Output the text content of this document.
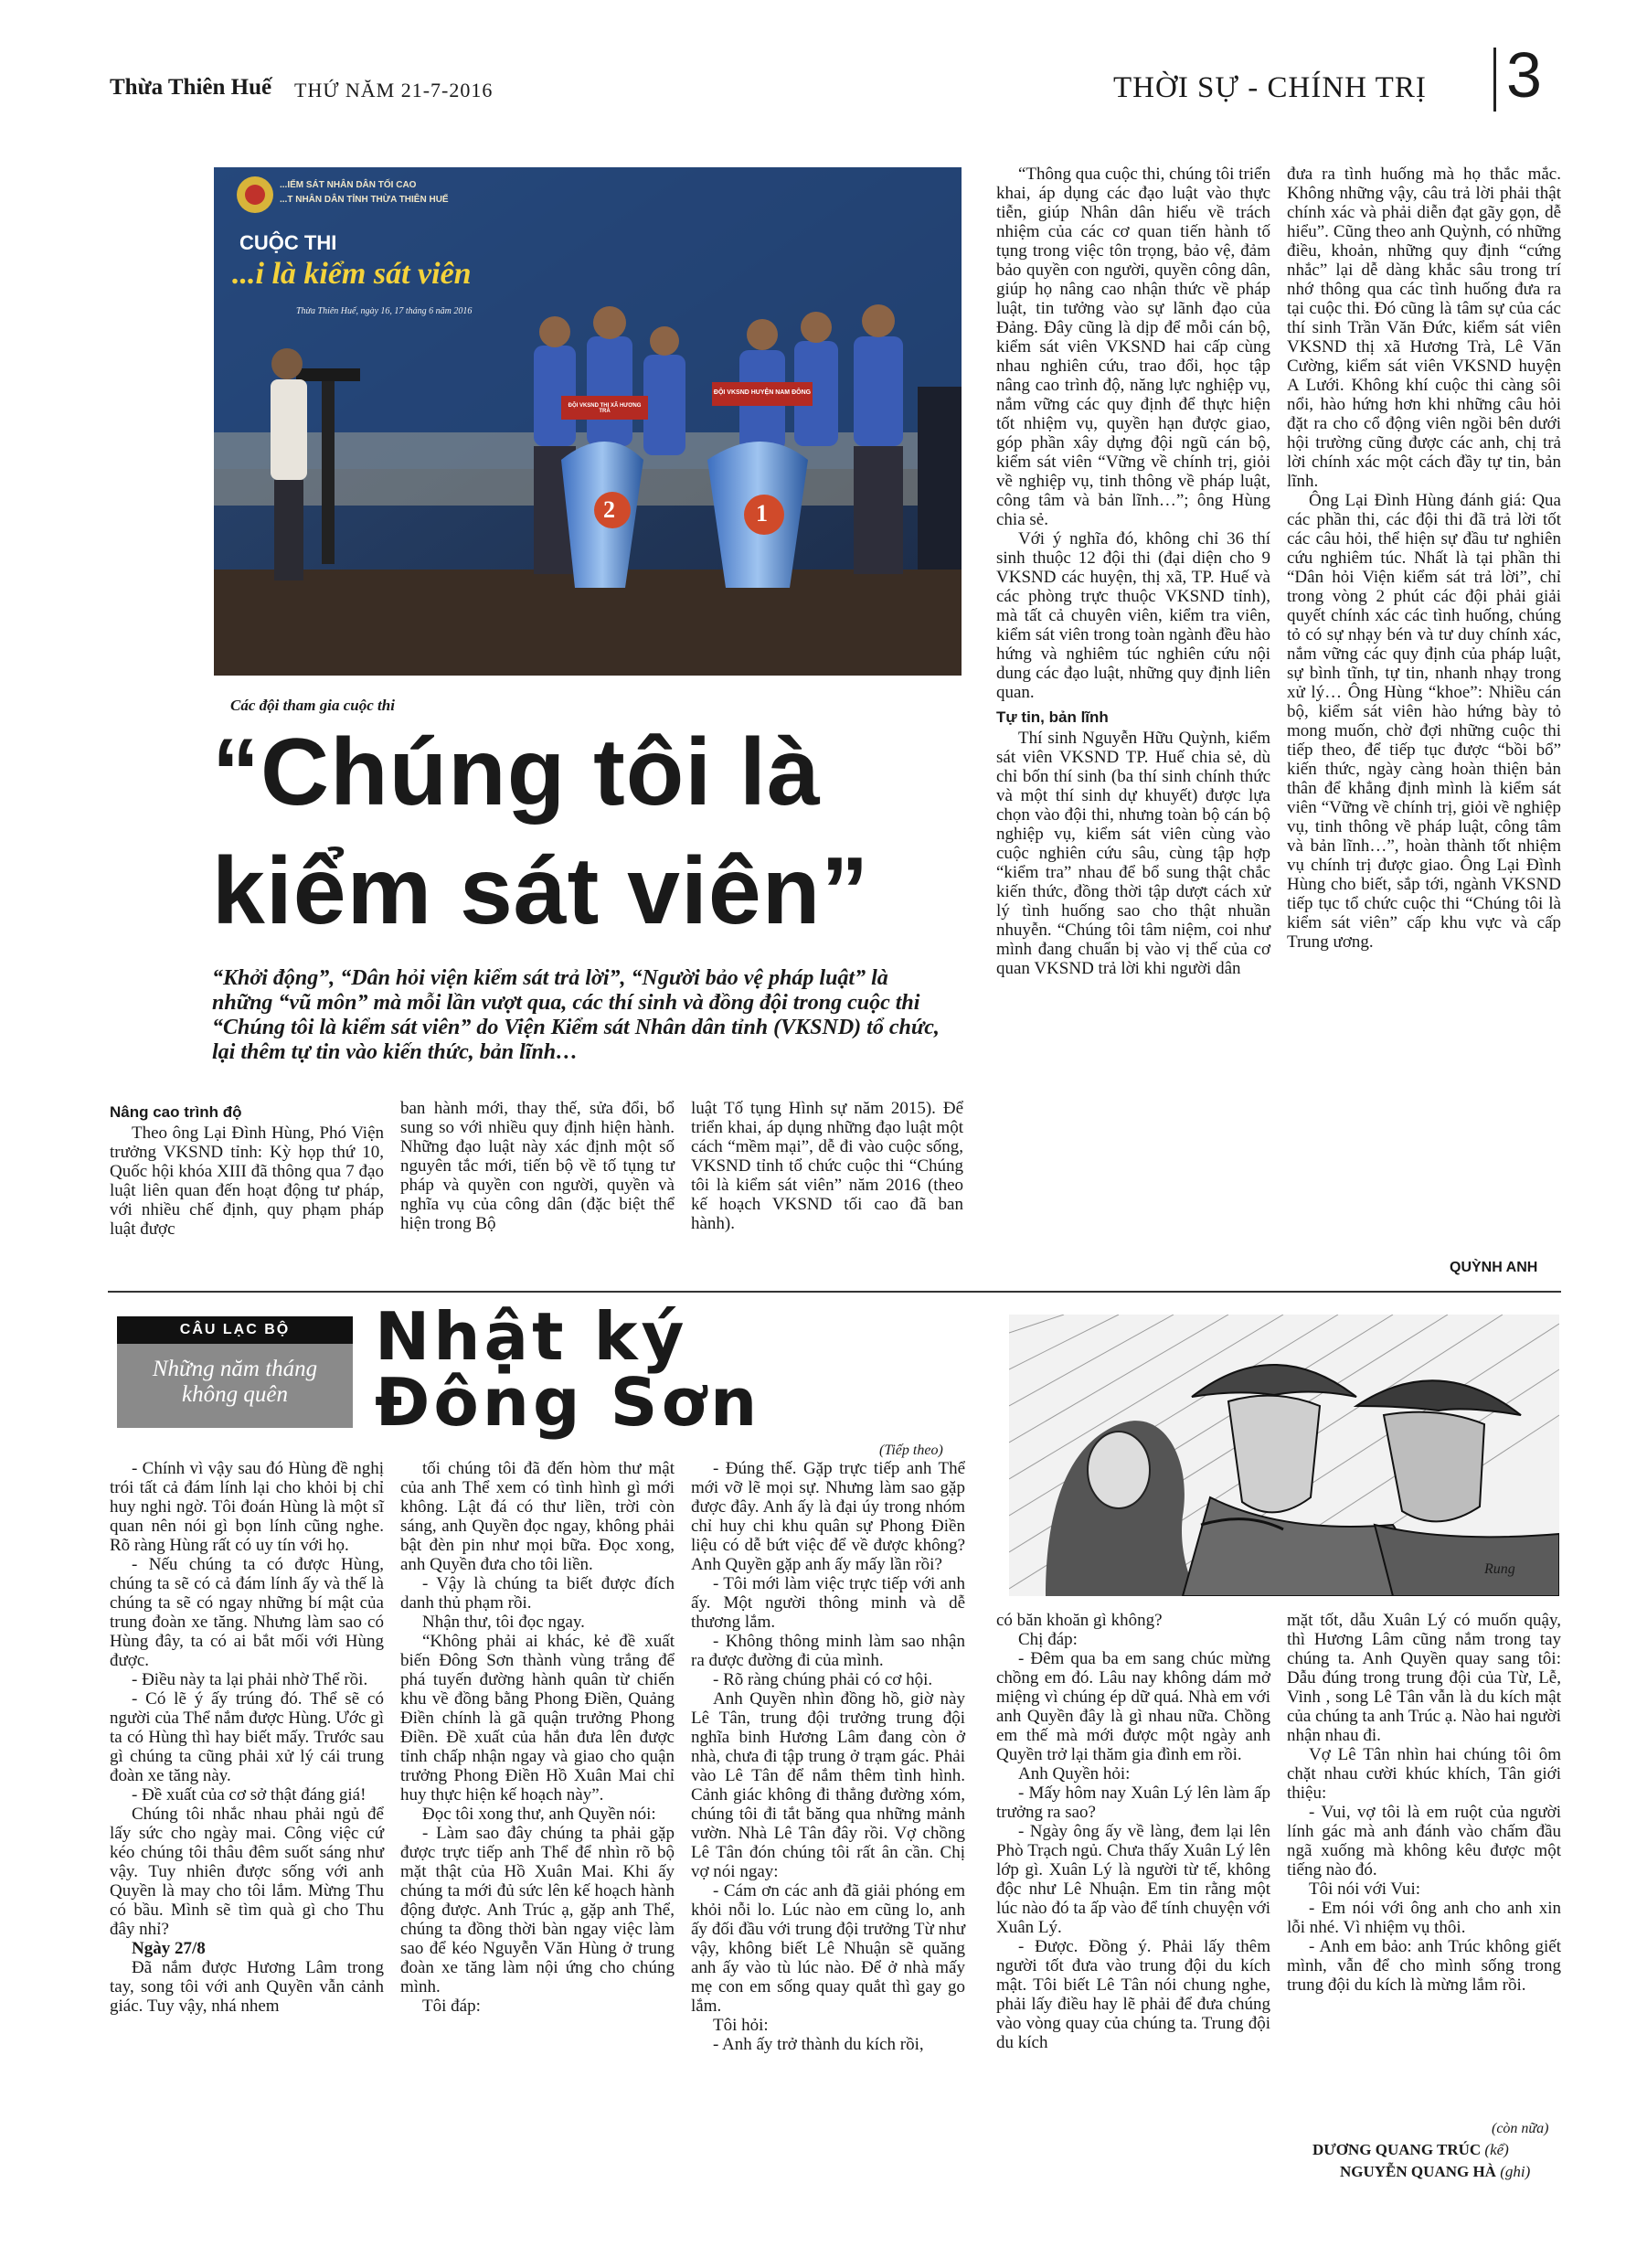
Thừa Thiên Huế THỨ NĂM 21-7-2016	THỜI SỰ - CHÍNH TRỊ 3
...IỂM SÁT NHÂN DÂN TỐI CAO
...T NHÂN DÂN TỈNH THỪA THIÊN HUẾ
CUỘC THI
...i là kiểm sát viên
Thừa Thiên Huế, ngày 16, 17 tháng 6 năm 2016
ĐỘI VKSND THỊ XÃ HƯƠNG TRÀ
ĐỘI VKSND HUYỆN NAM ĐÔNG
2	1
Các đội tham gia cuộc thi
“Chúng tôi là
kiểm sát viên”
“Khởi động”, “Dân hỏi viện kiểm sát trả lời”, “Người bảo vệ pháp luật” là những “vũ môn” mà mỗi lần vượt qua, các thí sinh và đồng đội trong cuộc thi “Chúng tôi là kiểm sát viên” do Viện Kiểm sát Nhân dân tỉnh (VKSND) tổ chức, lại thêm tự tin vào kiến thức, bản lĩnh…
Nâng cao trình độ

Theo ông Lại Đình Hùng, Phó Viện trưởng VKSND tỉnh: Kỳ họp thứ 10, Quốc hội khóa XIII đã thông qua 7 đạo luật liên quan đến hoạt động tư pháp, với nhiều chế định, quy phạm pháp luật được

ban hành mới, thay thế, sửa đổi, bổ sung so với nhiều quy định hiện hành. Những đạo luật này xác định một số nguyên tắc mới, tiến bộ về tố tụng tư pháp và quyền con người, quyền và nghĩa vụ của công dân (đặc biệt thể hiện trong Bộ

luật Tố tụng Hình sự năm 2015). Để triển khai, áp dụng những đạo luật một cách “mềm mại”, dễ đi vào cuộc sống, VKSND tỉnh tổ chức cuộc thi “Chúng tôi là kiểm sát viên” năm 2016 (theo kế hoạch VKSND tối cao đã ban hành).

“Thông qua cuộc thi, chúng tôi triển khai, áp dụng các đạo luật vào thực tiễn, giúp Nhân dân hiểu về trách nhiệm của các cơ quan tiến hành tố tụng trong việc tôn trọng, bảo vệ, đảm bảo quyền con người, quyền công dân, giúp họ nâng cao nhận thức về pháp luật, tin tưởng vào sự lãnh đạo của Đảng. Đây cũng là dịp để mỗi cán bộ, kiểm sát viên VKSND hai cấp cùng nhau nghiên cứu, trao đổi, học tập nâng cao trình độ, năng lực nghiệp vụ, nắm vững các quy định để thực hiện tốt nhiệm vụ, quyền hạn được giao, góp phần xây dựng đội ngũ cán bộ, kiểm sát viên “Vững về chính trị, giỏi về nghiệp vụ, tinh thông về pháp luật, công tâm và bản lĩnh…”; ông Hùng chia sẻ.

Với ý nghĩa đó, không chỉ 36 thí sinh thuộc 12 đội thi (đại diện cho 9 VKSND các huyện, thị xã, TP. Huế và các phòng trực thuộc VKSND tỉnh), mà tất cả chuyên viên, kiểm tra viên, kiểm sát viên trong toàn ngành đều hào hứng và nghiêm túc nghiên cứu nội dung các đạo luật, những quy định liên quan.

Tự tin, bản lĩnh

Thí sinh Nguyễn Hữu Quỳnh, kiểm sát viên VKSND TP. Huế chia sẻ, dù chỉ bốn thí sinh (ba thí sinh chính thức và một thí sinh dự khuyết) được lựa chọn vào đội thi, nhưng toàn bộ cán bộ nghiệp vụ, kiểm sát viên cùng vào cuộc nghiên cứu sâu, cùng tập hợp “kiểm tra” nhau để bổ sung thật chắc kiến thức, đồng thời tập dượt cách xử lý tình huống sao cho thật nhuần nhuyễn. “Chúng tôi tâm niệm, coi như mình đang chuẩn bị vào vị thế của cơ quan VKSND trả lời khi người dân

đưa ra tình huống mà họ thắc mắc. Không những vậy, câu trả lời phải thật chính xác và phải diễn đạt gãy gọn, dễ hiểu”. Cũng theo anh Quỳnh, có những điều, khoản, những quy định “cứng nhắc” lại dễ dàng khắc sâu trong trí nhớ thông qua các tình huống đưa ra tại cuộc thi. Đó cũng là tâm sự của các thí sinh Trần Văn Đức, kiểm sát viên VKSND thị xã Hương Trà, Lê Văn Cường, kiểm sát viên VKSND huyện A Lưới. Không khí cuộc thi càng sôi nổi, hào hứng hơn khi những câu hỏi đặt ra cho cổ động viên ngồi bên dưới hội trường cũng được các anh, chị trả lời chính xác một cách đầy tự tin, bản lĩnh.

Ông Lại Đình Hùng đánh giá: Qua các phần thi, các đội thi đã trả lời tốt các câu hỏi, thể hiện sự đầu tư nghiên cứu nghiêm túc. Nhất là tại phần thi “Dân hỏi Viện kiểm sát trả lời”, chỉ trong vòng 2 phút các đội phải giải quyết chính xác các tình huống, chúng tỏ có sự nhạy bén và tư duy chính xác, nắm vững các quy định của pháp luật, sự bình tĩnh, tự tin, nhanh nhạy trong xử lý… Ông Hùng “khoe”: Nhiều cán bộ, kiểm sát viên hào hứng bày tỏ mong muốn, chờ đợi những cuộc thi tiếp theo, để tiếp tục được “bồi bổ” kiến thức, ngày càng hoàn thiện bản thân để khẳng định mình là kiểm sát viên “Vững về chính trị, giỏi về nghiệp vụ, tinh thông về pháp luật, công tâm và bản lĩnh…”, hoàn thành tốt nhiệm vụ chính trị được giao. Ông Lại Đình Hùng cho biết, sắp tới, ngành VKSND tiếp tục tổ chức cuộc thi “Chúng tôi là kiểm sát viên” cấp khu vực và cấp Trung ương.

QUỲNH ANH
CÂU LẠC BỘ
Những năm tháng
không quên
Nhật ký
Đông Sơn
(Tiếp theo)
Rung

- Chính vì vậy sau đó Hùng đề nghị trói tất cả đám lính lại cho khỏi bị chỉ huy nghi ngờ. Tôi đoán Hùng là một sĩ quan nên nói gì bọn lính cũng nghe. Rõ ràng Hùng rất có uy tín với họ.

- Nếu chúng ta có được Hùng, chúng ta sẽ có cả đám lính ấy và thế là chúng ta sẽ có ngay những bí mật của trung đoàn xe tăng. Nhưng làm sao có Hùng đây, ta có ai bắt mối với Hùng được.

- Điều này ta lại phải nhờ Thể rồi.

- Có lẽ ý ấy trúng đó. Thể sẽ có người của Thể nắm được Hùng. Ước gì ta có Hùng thì hay biết mấy. Trước sau gì chúng ta cũng phải xử lý cái trung đoàn xe tăng này.

- Đề xuất của cơ sở thật đáng giá!

Chúng tôi nhắc nhau phải ngủ để lấy sức cho ngày mai. Công việc cứ kéo chúng tôi thâu đêm suốt sáng như vậy. Tuy nhiên được sống với anh Quyền là may cho tôi lắm. Mừng Thu có bầu. Mình sẽ tìm quà gì cho Thu đây nhỉ?

Ngày 27/8

Đã nắm được Hương Lâm trong tay, song tôi với anh Quyền vẫn cảnh giác. Tuy vậy, nhá nhem

tối chúng tôi đã đến hòm thư mật của anh Thể xem có tình hình gì mới không. Lật đá có thư liền, trời còn sáng, anh Quyền đọc ngay, không phải bật đèn pin như mọi bữa. Đọc xong, anh Quyền đưa cho tôi liền.

- Vậy là chúng ta biết được đích danh thủ phạm rồi.

Nhận thư, tôi đọc ngay.

“Không phải ai khác, kẻ đề xuất biến Đông Sơn thành vùng trắng để phá tuyến đường hành quân từ chiến khu về đồng bằng Phong Điền, Quảng Điền chính là gã quận trưởng Phong Điền. Đề xuất của hắn đưa lên được tỉnh chấp nhận ngay và giao cho quận trưởng Phong Điền Hồ Xuân Mai chỉ huy thực hiện kế hoạch này”.

Đọc tôi xong thư, anh Quyền nói:

- Làm sao đây chúng ta phải gặp được trực tiếp anh Thể để nhìn rõ bộ mặt thật của Hồ Xuân Mai. Khi ấy chúng ta mới đủ sức lên kế hoạch hành động được. Anh Trúc ạ, gặp anh Thể, chúng ta đồng thời bàn ngay việc làm sao để kéo Nguyễn Văn Hùng ở trung đoàn xe tăng làm nội ứng cho chúng mình.

Tôi đáp:

- Đúng thế. Gặp trực tiếp anh Thể mới vỡ lẽ mọi sự. Nhưng làm sao gặp được đây. Anh ấy là đại úy trong nhóm chỉ huy chi khu quân sự Phong Điền liệu có dễ bứt việc để về được không? Anh Quyền gặp anh ấy mấy lần rồi?

- Tôi mới làm việc trực tiếp với anh ấy. Một người thông minh và dễ thương lắm.

- Không thông minh làm sao nhận ra được đường đi của mình.

- Rõ ràng chúng phải có cơ hội.

Anh Quyền nhìn đồng hồ, giờ này Lê Tân, trung đội trưởng trung đội nghĩa binh Hương Lâm đang còn ở nhà, chưa đi tập trung ở trạm gác. Phải vào Lê Tân để nắm thêm tình hình. Cảnh giác không đi thẳng đường xóm, chúng tôi đi tắt băng qua những mảnh vườn. Nhà Lê Tân đây rồi. Vợ chồng Lê Tân đón chúng tôi rất ân cần. Chị vợ nói ngay:

- Cám ơn các anh đã giải phóng em khỏi nỗi lo. Lúc nào em cũng lo, anh ấy đối đầu với trung đội trưởng Từ như vậy, không biết Lê Nhuận sẽ quăng anh ấy vào tù lúc nào. Để ở nhà mấy mẹ con em sống quay quắt thì gay go lắm.

Tôi hỏi:

- Anh ấy trở thành du kích rồi,

có băn khoăn gì không?

Chị đáp:

- Đêm qua ba em sang chúc mừng chồng em đó. Lâu nay không dám mở miệng vì chúng ép dữ quá. Nhà em với anh Quyền đây là gì nhau nữa. Chồng em thế mà mới được một ngày anh Quyền trở lại thăm gia đình em rồi.

Anh Quyền hỏi:

- Mấy hôm nay Xuân Lý lên làm ấp trưởng ra sao?

- Ngày ông ấy về làng, đem lại lên Phò Trạch ngủ. Chưa thấy Xuân Lý lên lớp gì. Xuân Lý là người từ tế, không độc như Lê Nhuận. Em tin rằng một lúc nào đó ta ấp vào để tính chuyện với Xuân Lý.

- Được. Đồng ý. Phải lấy thêm người tốt đưa vào trung đội du kích mật. Tôi biết Lê Tân nói chung nghe, phải lấy điều hay lẽ phải để đưa chúng vào vòng quay của chúng ta. Trung đội du kích

mặt tốt, dẫu Xuân Lý có muốn quậy, thì Hương Lâm cũng nắm trong tay chúng ta. Anh Quyền quay sang tôi: Dẫu đúng trong trung đội của Từ, Lễ, Vinh , song Lê Tân vẫn là du kích mật của chúng ta anh Trúc ạ. Nào hai người nhận nhau đi.

Vợ Lê Tân nhìn hai chúng tôi ôm chặt nhau cười khúc khích, Tân giới thiệu:

- Vui, vợ tôi là em ruột của người lính gác mà anh đánh vào chấm đầu ngã xuống mà không kêu được một tiếng nào đó.

Tôi nói với Vui:

- Em nói với ông anh cho anh xin lỗi nhé. Vì nhiệm vụ thôi.

- Anh em bảo: anh Trúc không giết mình, vẫn để cho mình sống trong trung đội du kích là mừng lắm rồi.

(còn nữa)
DƯƠNG QUANG TRÚC (kể)
NGUYỄN QUANG HÀ (ghi)
